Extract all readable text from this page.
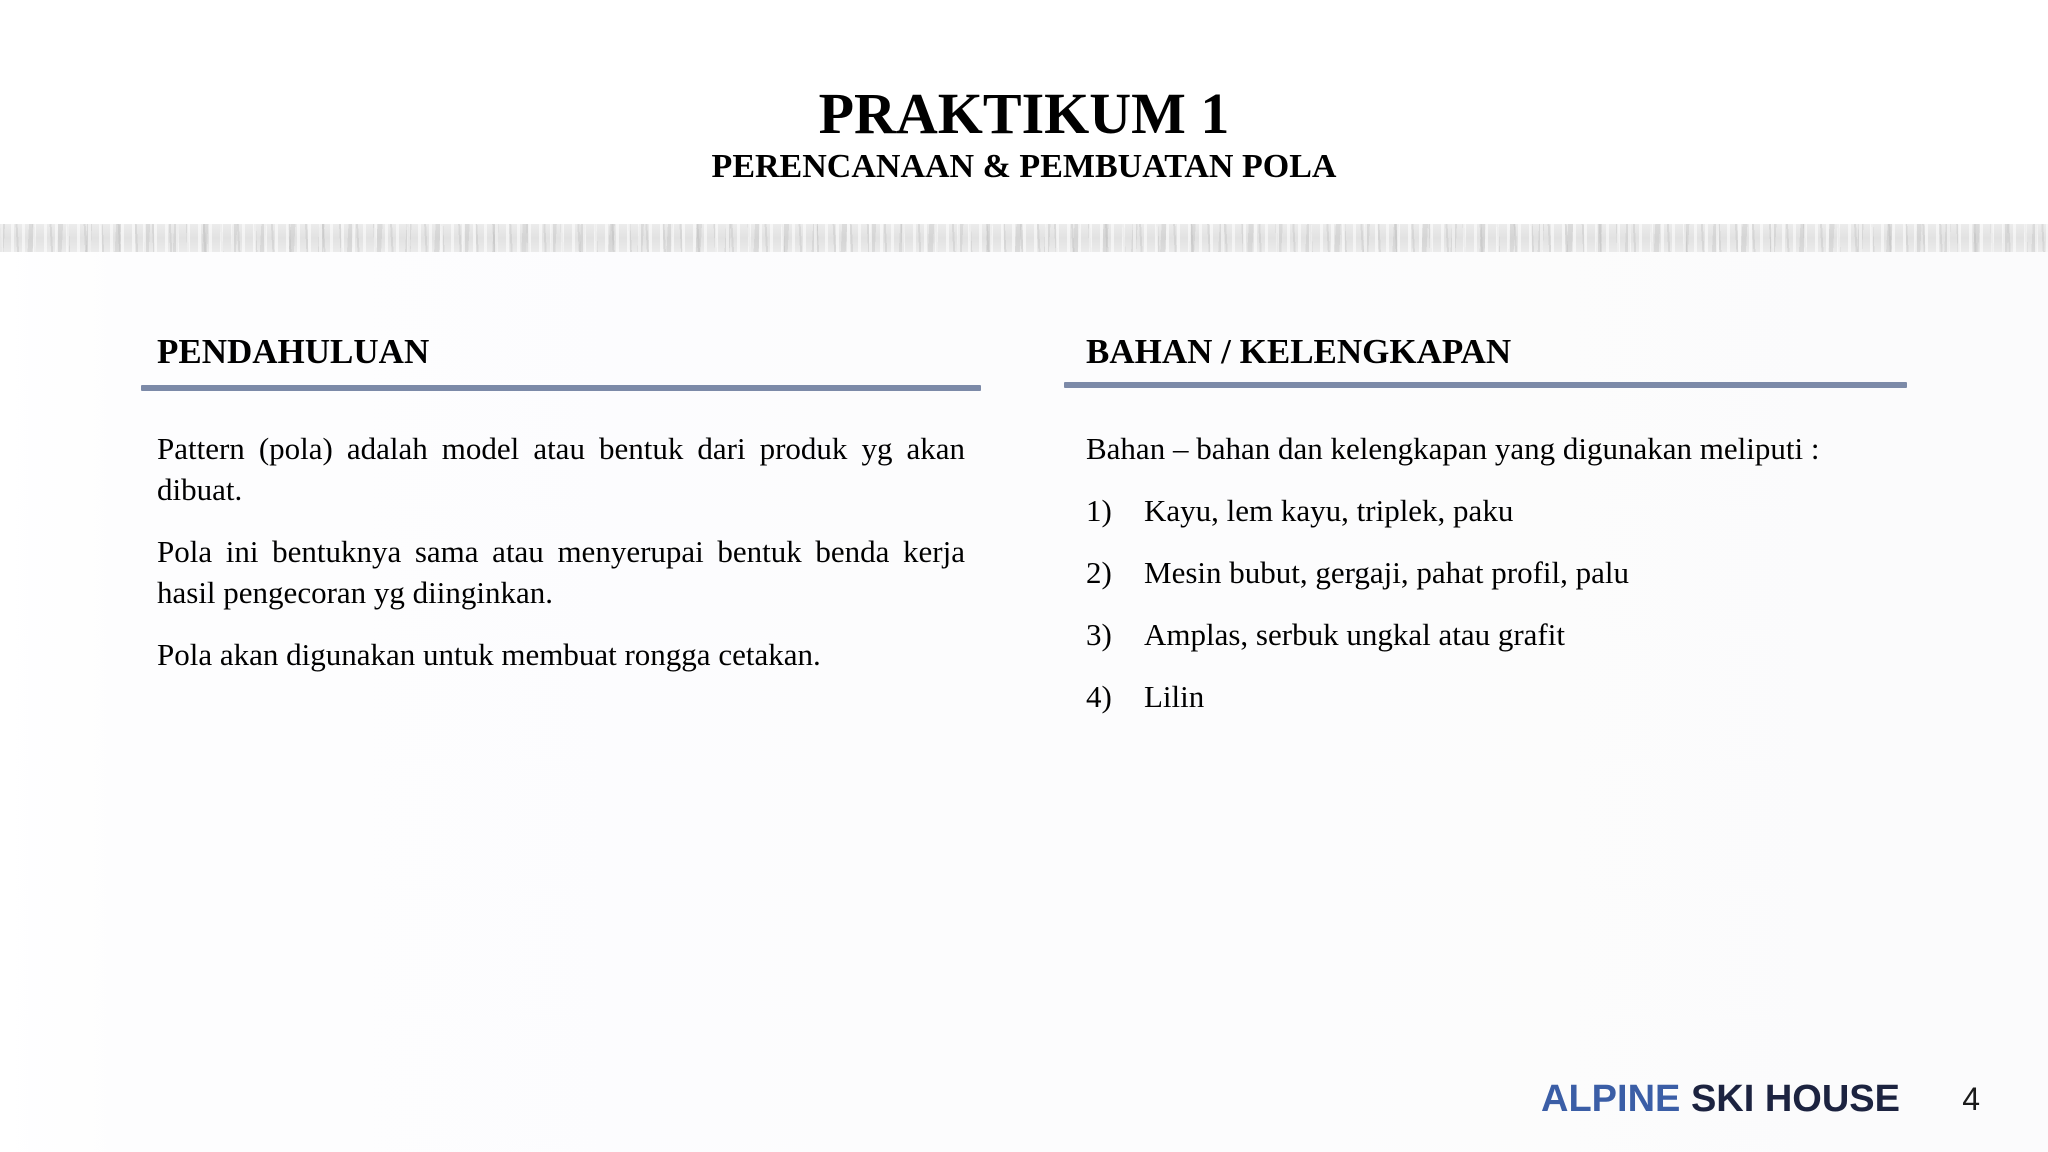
PRAKTIKUM 1
PERENCANAAN & PEMBUATAN POLA
PENDAHULUAN
Pattern (pola) adalah model atau bentuk dari produk yg akan dibuat.
Pola ini bentuknya sama atau menyerupai bentuk benda kerja hasil pengecoran yg diinginkan.
Pola akan digunakan untuk membuat rongga cetakan.
BAHAN / KELENGKAPAN
Bahan – bahan dan kelengkapan yang digunakan meliputi :
1) Kayu, lem kayu, triplek, paku
2) Mesin bubut, gergaji, pahat profil, palu
3) Amplas, serbuk ungkal atau grafit
4) Lilin
ALPINE SKI HOUSE 4
